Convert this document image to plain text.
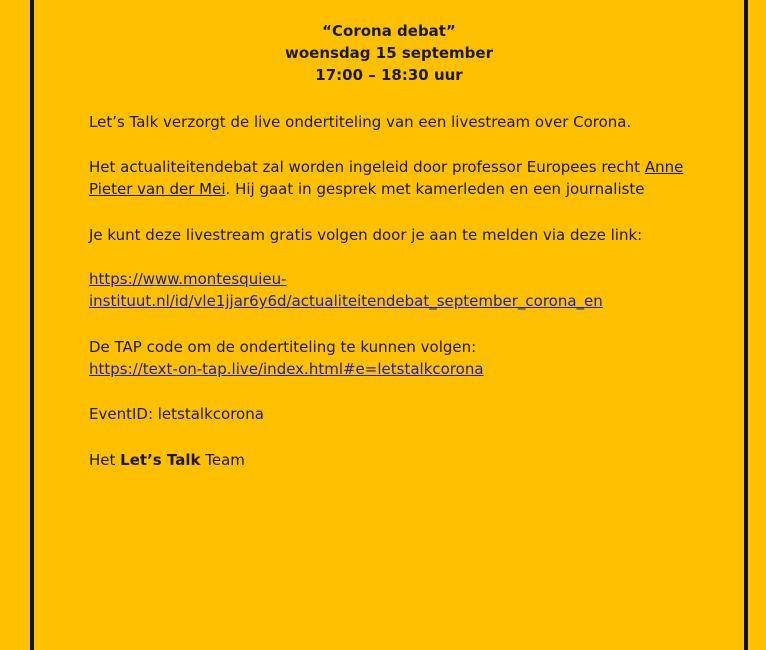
“Corona debat”
woensdag 15 september
17:00 – 18:30 uur
Let’s Talk verzorgt de live ondertiteling van een livestream over Corona.
Het actualiteitendebat zal worden ingeleid door professor Europees recht Anne
Pieter van der Mei. Hij gaat in gesprek met kamerleden en een journaliste
Je kunt deze livestream gratis volgen door je aan te melden via deze link:
https://www.montesquieu-
instituut.nl/id/vle1jjar6y6d/actualiteitendebat_september_corona_en
De TAP code om de ondertiteling te kunnen volgen:
https://text-on-tap.live/index.html#e=letstalkcorona
EventID: letstalkcorona
Het Let’s Talk Team
